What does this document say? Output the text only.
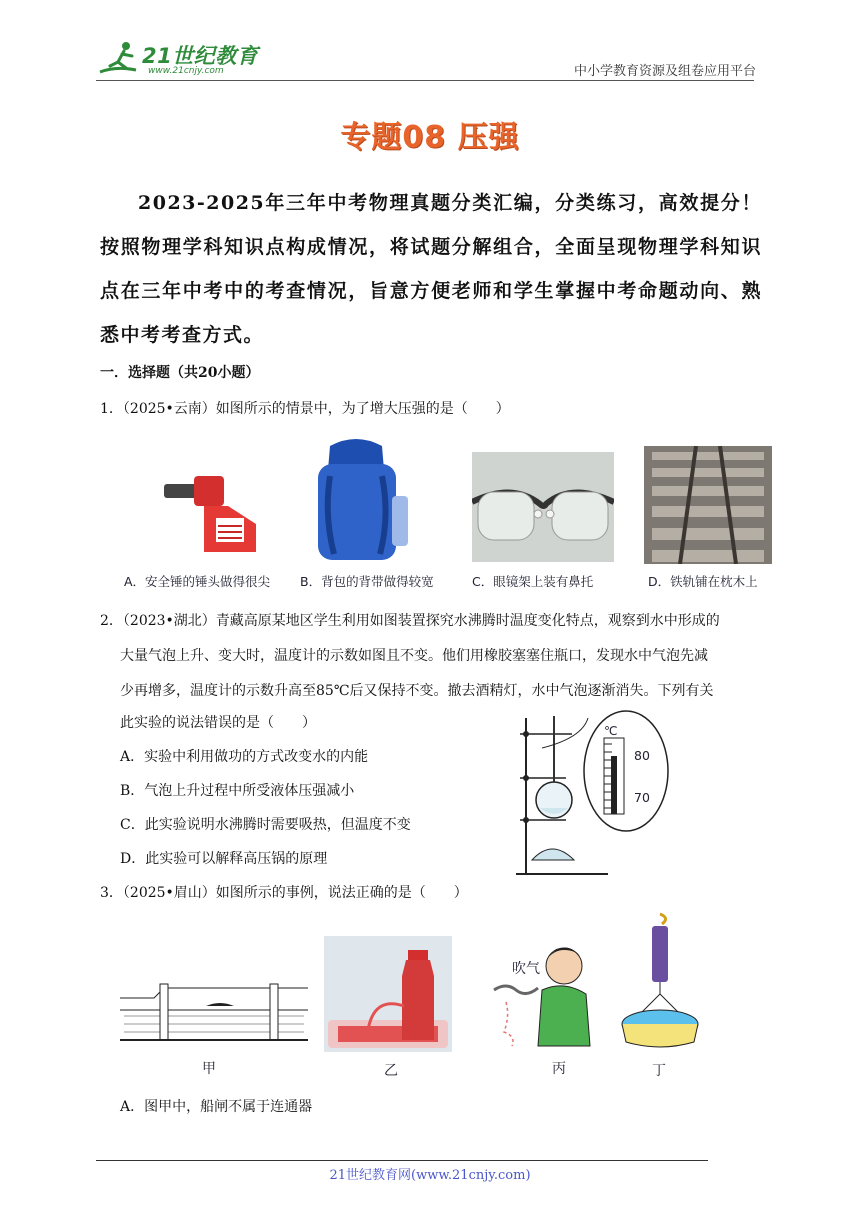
21世纪教育
www.21cnjy.com	中小学教育资源及组卷应用平台
专题08 压强
2023-2025年三年中考物理真题分类汇编，分类练习，高效提分！按照物理学科知识点构成情况，将试题分解组合，全面呈现物理学科知识点在三年中考中的考查情况，旨意方便老师和学生掌握中考命题动向、熟悉中考考查方式。
一．选择题（共20小题）
1．（2025•云南）如图所示的情景中，为了增大压强的是（　　）
A．安全锤的锤头做得很尖 B．背包的背带做得较宽	C．眼镜架上装有鼻托	D．铁轨铺在枕木上
2．（2023•湖北）青藏高原某地区学生利用如图装置探究水沸腾时温度变化特点，观察到水中形成的
大量气泡上升、变大时，温度计的示数如图且不变。他们用橡胶塞塞住瓶口，发现水中气泡先减
少再增多，温度计的示数升高至85℃后又保持不变。撤去酒精灯，水中气泡逐渐消失。下列有关
此实验的说法错误的是（　　）
A．实验中利用做功的方式改变水的内能
B．气泡上升过程中所受液体压强减小
C．此实验说明水沸腾时需要吸热，但温度不变
D．此实验可以解释高压锅的原理
℃
80
70
3．（2025•眉山）如图所示的事例，说法正确的是（　　）
甲	乙
吹气
丙	丁
A．图甲中，船闸不属于连通器
21世纪教育网(www.21cnjy.com)
